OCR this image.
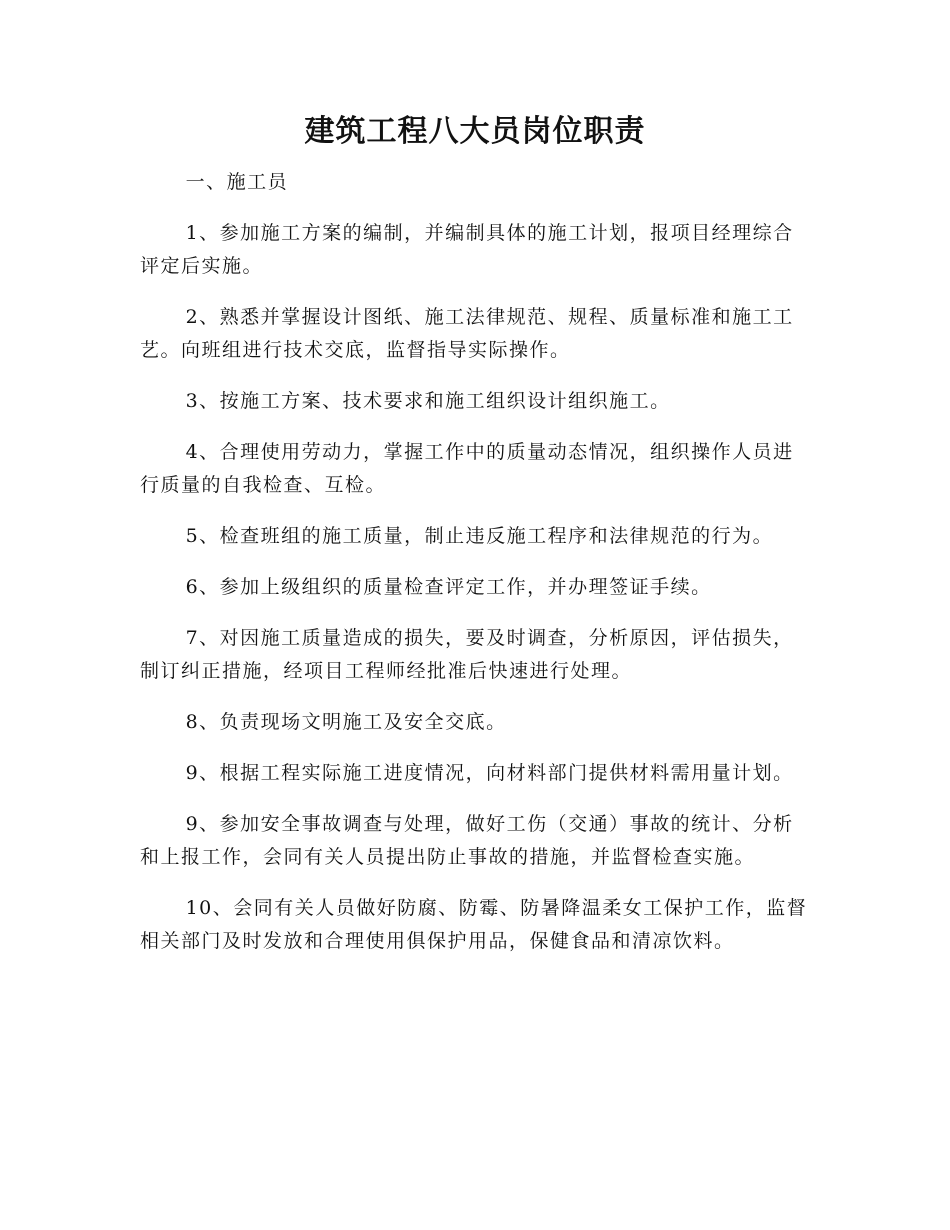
建筑工程八大员岗位职责

一、施工员

1、参加施工方案的编制，并编制具体的施工计划，报项目经理综合评定后实施。

2、熟悉并掌握设计图纸、施工法律规范、规程、质量标准和施工工艺。向班组进行技术交底，监督指导实际操作。

3、按施工方案、技术要求和施工组织设计组织施工。

4、合理使用劳动力，掌握工作中的质量动态情况，组织操作人员进行质量的自我检查、互检。

5、检查班组的施工质量，制止违反施工程序和法律规范的行为。

6、参加上级组织的质量检查评定工作，并办理签证手续。

7、对因施工质量造成的损失，要及时调查，分析原因，评估损失，制订纠正措施，经项目工程师经批准后快速进行处理。

8、负责现场文明施工及安全交底。

9、根据工程实际施工进度情况，向材料部门提供材料需用量计划。

9、参加安全事故调查与处理，做好工伤（交通）事故的统计、分析和上报工作，会同有关人员提出防止事故的措施，并监督检查实施。

10、会同有关人员做好防腐、防霉、防暑降温柔女工保护工作，监督相关部门及时发放和合理使用俱保护用品，保健食品和清凉饮料。
